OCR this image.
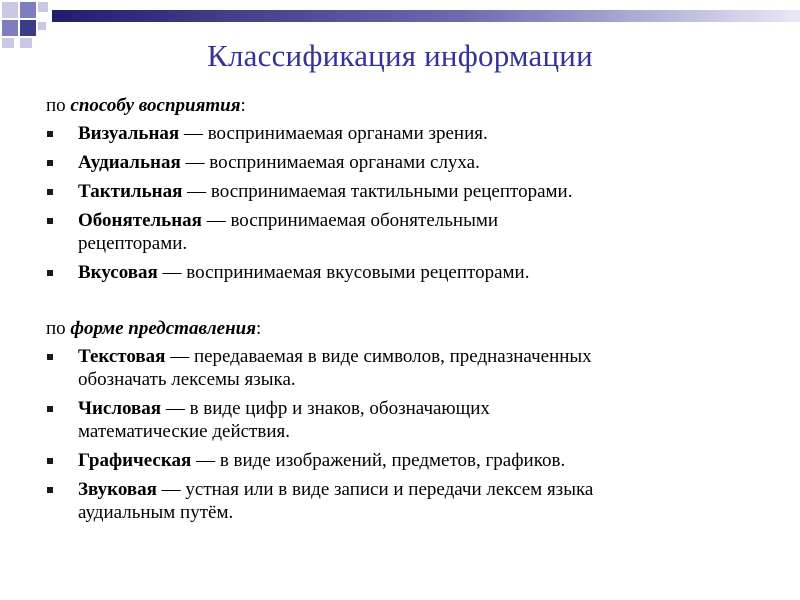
Классификация информации
по способу восприятия:
Визуальная — воспринимаемая органами зрения.
Аудиальная — воспринимаемая органами слуха.
Тактильная — воспринимаемая тактильными рецепторами.
Обонятельная — воспринимаемая обонятельными
рецепторами.
Вкусовая — воспринимаемая вкусовыми рецепторами.
по форме представления:
Текстовая — передаваемая в виде символов, предназначенных
обозначать лексемы языка.
Числовая — в виде цифр и знаков, обозначающих
математические действия.
Графическая — в виде изображений, предметов, графиков.
Звуковая — устная или в виде записи и передачи лексем языка
аудиальным путём.
